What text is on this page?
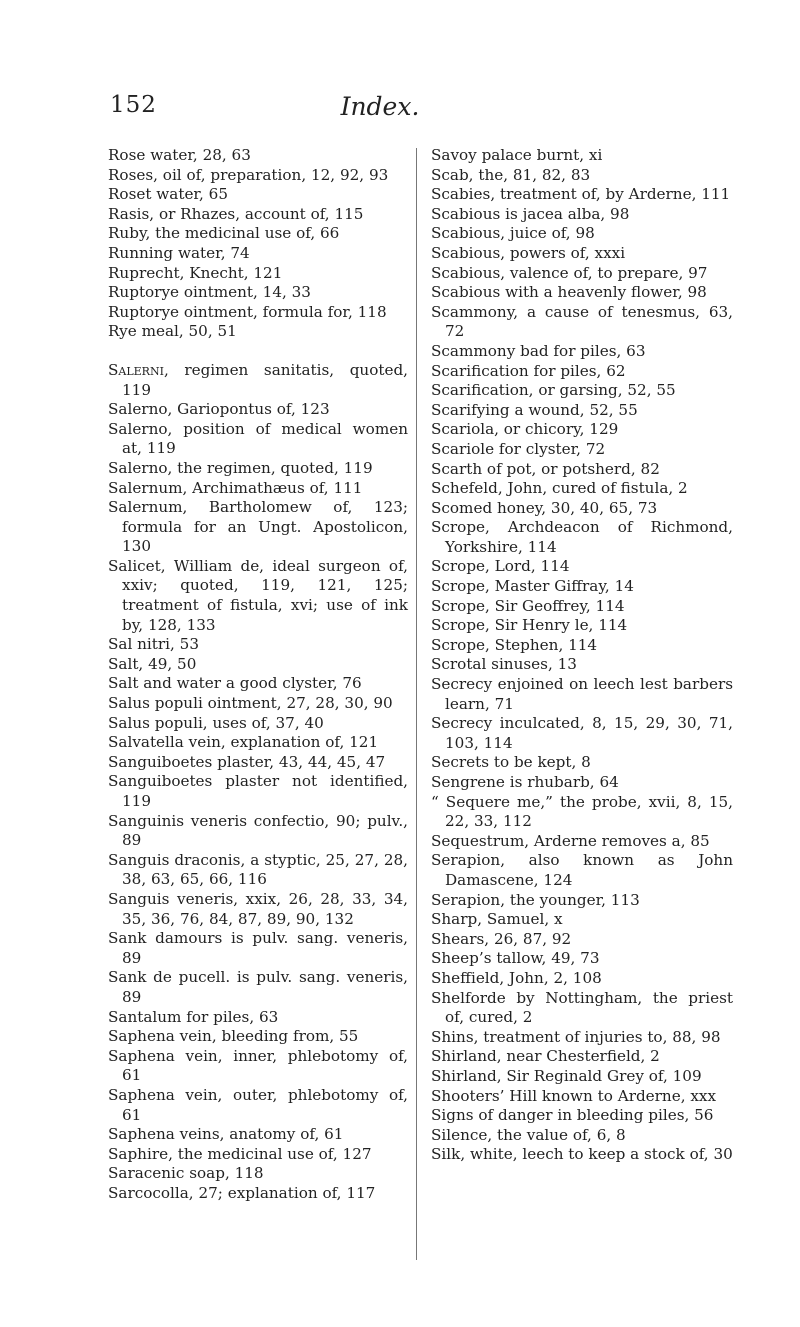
152	Index.

Rose water, 28, 63

Roses, oil of, preparation, 12, 92, 93

Roset water, 65

Rasis, or Rhazes, account of, 115

Ruby, the medicinal use of, 66

Running water, 74

Ruprecht, Knecht, 121

Ruptorye ointment, 14, 33

Ruptorye ointment, formula for, 118

Rye meal, 50, 51

Salerni, regimen sanitatis, quoted, 119

Salerno, Gariopontus of, 123

Salerno, position of medical women at, 119

Salerno, the regimen, quoted, 119

Salernum, Archimathæus of, 111

Salernum, Bartholomew of, 123; formula for an Ungt. Apostolicon, 130

Salicet, William de, ideal surgeon of, xxiv; quoted, 119, 121, 125; treatment of fistula, xvi; use of ink by, 128, 133

Sal nitri, 53

Salt, 49, 50

Salt and water a good clyster, 76

Salus populi ointment, 27, 28, 30, 90

Salus populi, uses of, 37, 40

Salvatella vein, explanation of, 121

Sanguiboetes plaster, 43, 44, 45, 47

Sanguiboetes plaster not identified, 119

Sanguinis veneris confectio, 90; pulv., 89

Sanguis draconis, a styptic, 25, 27, 28, 38, 63, 65, 66, 116

Sanguis veneris, xxix, 26, 28, 33, 34, 35, 36, 76, 84, 87, 89, 90, 132

Sank damours is pulv. sang. veneris, 89

Sank de pucell. is pulv. sang. veneris, 89

Santalum for piles, 63

Saphena vein, bleeding from, 55

Saphena vein, inner, phlebotomy of, 61

Saphena vein, outer, phlebotomy of, 61

Saphena veins, anatomy of, 61

Saphire, the medicinal use of, 127

Saracenic soap, 118

Sarcocolla, 27; explanation of, 117

Savoy palace burnt, xi

Scab, the, 81, 82, 83

Scabies, treatment of, by Arderne, 111

Scabious is jacea alba, 98

Scabious, juice of, 98

Scabious, powers of, xxxi

Scabious, valence of, to prepare, 97

Scabious with a heavenly flower, 98

Scammony, a cause of tenesmus, 63, 72

Scammony bad for piles, 63

Scarification for piles, 62

Scarification, or garsing, 52, 55

Scarifying a wound, 52, 55

Scariola, or chicory, 129

Scariole for clyster, 72

Scarth of pot, or potsherd, 82

Schefeld, John, cured of fistula, 2

Scomed honey, 30, 40, 65, 73

Scrope, Archdeacon of Richmond, Yorkshire, 114

Scrope, Lord, 114

Scrope, Master Giffray, 14

Scrope, Sir Geoffrey, 114

Scrope, Sir Henry le, 114

Scrope, Stephen, 114

Scrotal sinuses, 13

Secrecy enjoined on leech lest barbers learn, 71

Secrecy inculcated, 8, 15, 29, 30, 71, 103, 114

Secrets to be kept, 8

Sengrene is rhubarb, 64

“ Sequere me,” the probe, xvii, 8, 15, 22, 33, 112

Sequestrum, Arderne removes a, 85

Serapion, also known as John Damascene, 124

Serapion, the younger, 113

Sharp, Samuel, x

Shears, 26, 87, 92

Sheep’s tallow, 49, 73

Sheffield, John, 2, 108

Shelforde by Nottingham, the priest of, cured, 2

Shins, treatment of injuries to, 88, 98

Shirland, near Chesterfield, 2

Shirland, Sir Reginald Grey of, 109

Shooters’ Hill known to Arderne, xxx

Signs of danger in bleeding piles, 56

Silence, the value of, 6, 8

Silk, white, leech to keep a stock of, 30
